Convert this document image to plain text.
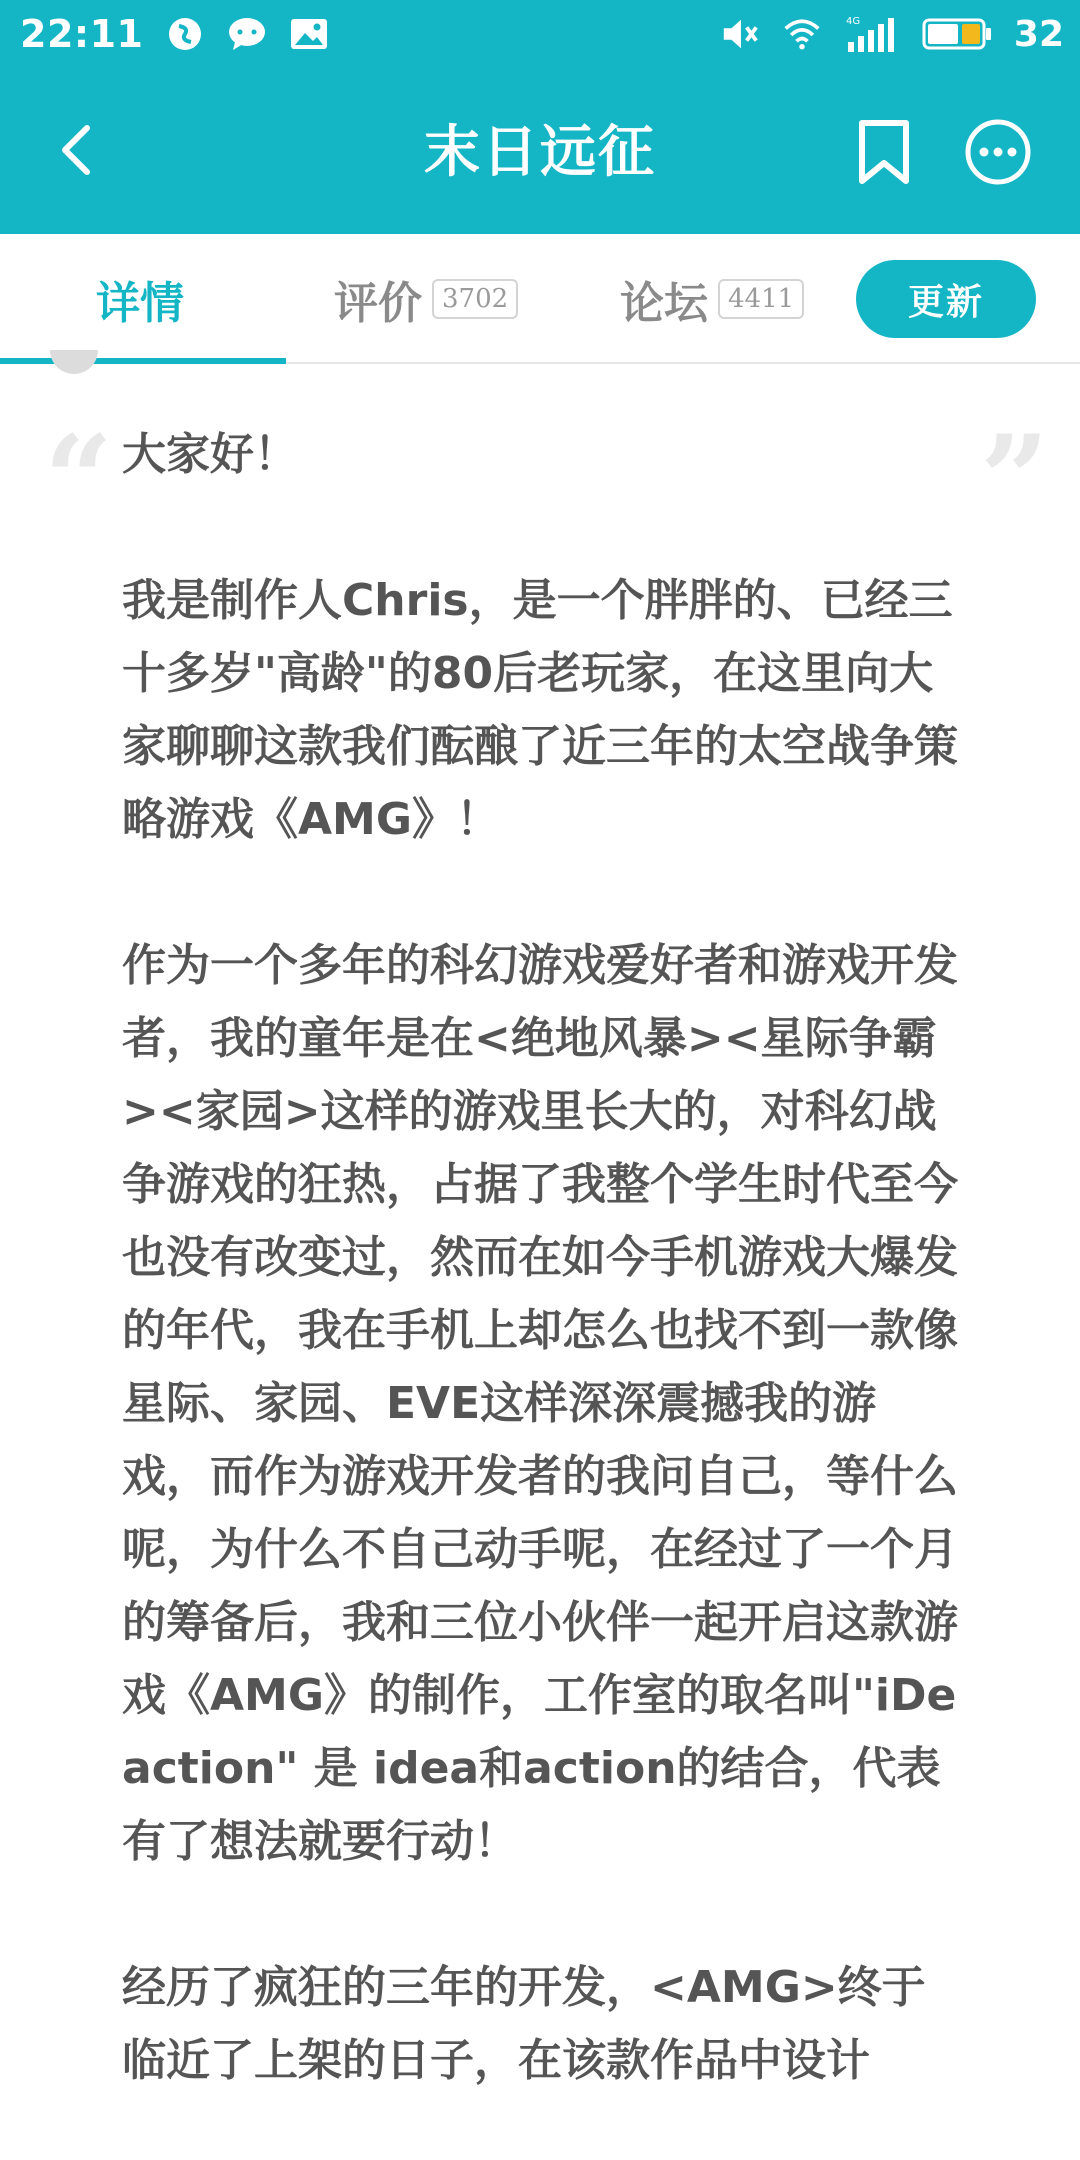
22:11	4G	32
末日远征
详情	评价 3702	论坛 4411	更新
“	”

大家好！

我是制作人Chris，是一个胖胖的、已经三十多岁"高龄"的80后老玩家，在这里向大家聊聊这款我们酝酿了近三年的太空战争策略游戏《AMG》！

作为一个多年的科幻游戏爱好者和游戏开发者，我的童年是在<绝地风暴><星际争霸><家园>这样的游戏里长大的，对科幻战争游戏的狂热，占据了我整个学生时代至今也没有改变过，然而在如今手机游戏大爆发的年代，我在手机上却怎么也找不到一款像星际、家园、EVE这样深深震撼我的游戏，而作为游戏开发者的我问自己，等什么呢，为什么不自己动手呢，在经过了一个月的筹备后，我和三位小伙伴一起开启这款游戏《AMG》的制作，工作室的取名叫"iDeaction" 是 idea和action的结合，代表有了想法就要行动！

经历了疯狂的三年的开发，<AMG>终于临近了上架的日子，在该款作品中设计
